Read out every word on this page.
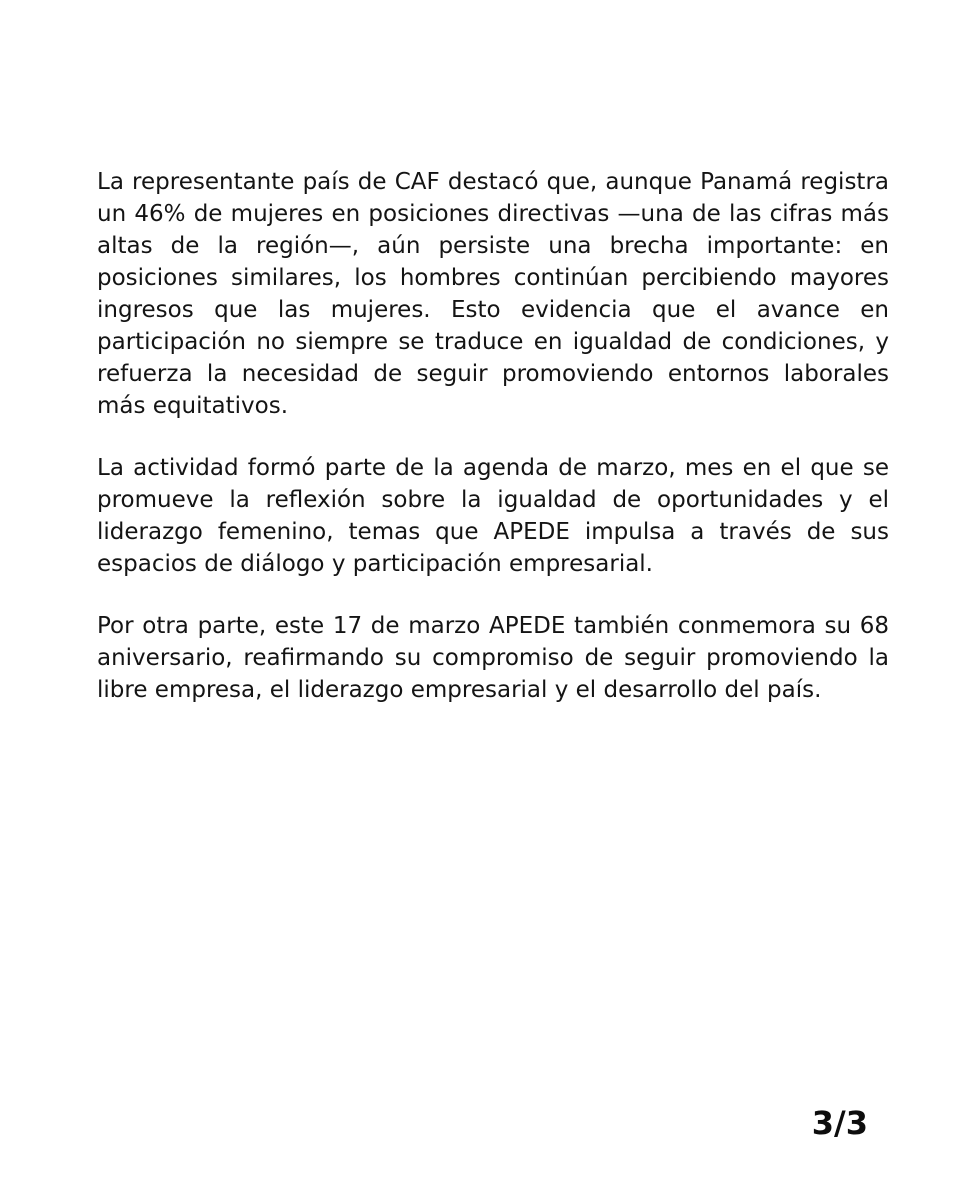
La representante país de CAF destacó que, aunque Panamá registra un 46% de mujeres en posiciones directivas —una de las cifras más altas de la región—, aún persiste una brecha importante: en posiciones similares, los hombres continúan percibiendo mayores ingresos que las mujeres. Esto evidencia que el avance en participación no siempre se traduce en igualdad de condiciones, y refuerza la necesidad de seguir promoviendo entornos laborales más equitativos.

La actividad formó parte de la agenda de marzo, mes en el que se promueve la reflexión sobre la igualdad de oportunidades y el liderazgo femenino, temas que APEDE impulsa a través de sus espacios de diálogo y participación empresarial.

Por otra parte, este 17 de marzo APEDE también conmemora su 68 aniversario, reafirmando su compromiso de seguir promoviendo la libre empresa, el liderazgo empresarial y el desarrollo del país.

3/3
